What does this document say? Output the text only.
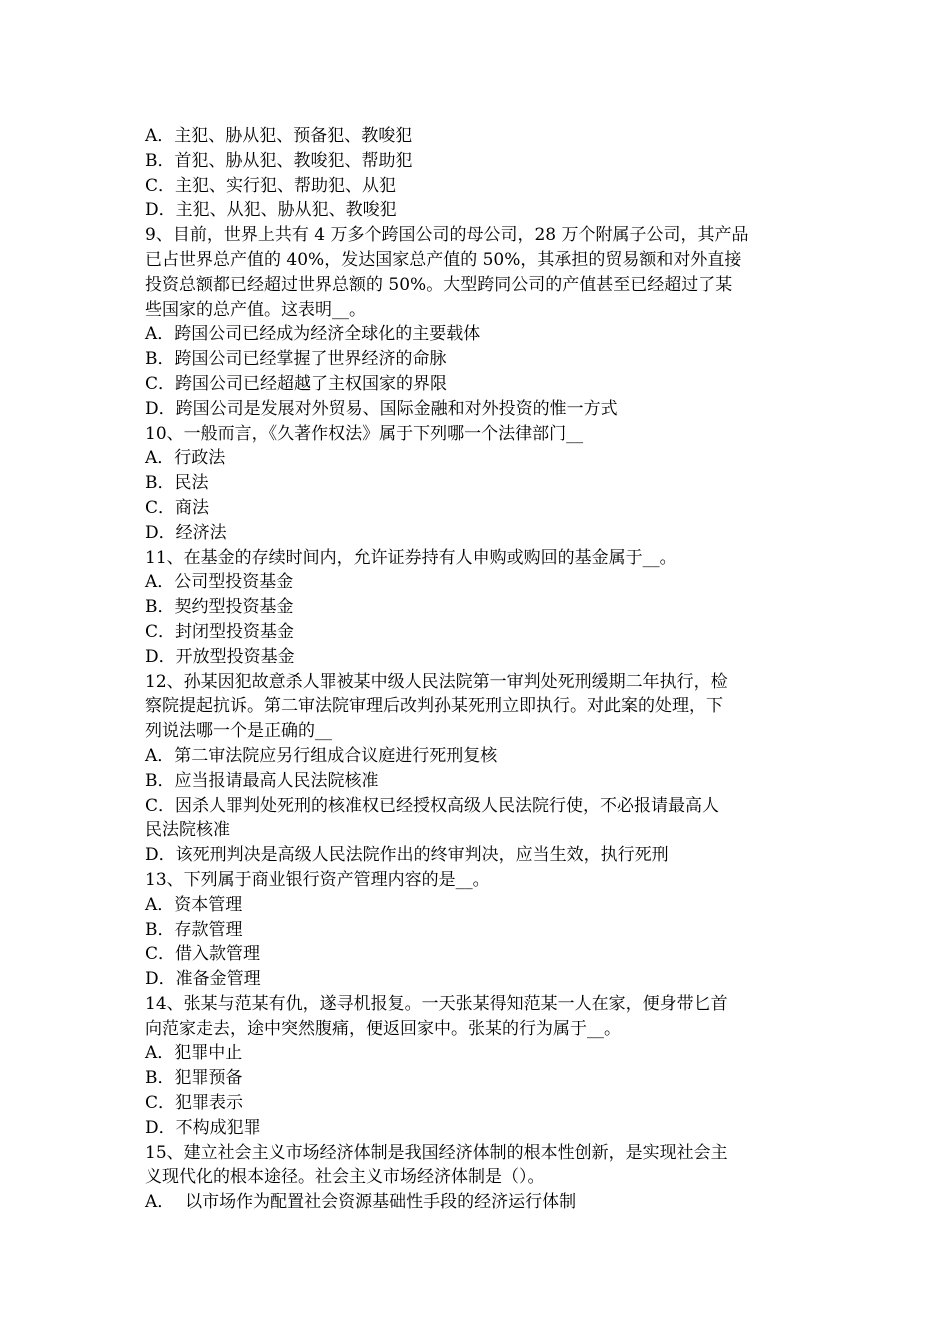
A．主犯、胁从犯、预备犯、教唆犯
B．首犯、胁从犯、教唆犯、帮助犯
C．主犯、实行犯、帮助犯、从犯
D．主犯、从犯、胁从犯、教唆犯
9、目前，世界上共有 4 万多个跨国公司的母公司，28 万个附属子公司，其产品
已占世界总产值的 40%，发达国家总产值的 50%，其承担的贸易额和对外直接
投资总额都已经超过世界总额的 50%。大型跨同公司的产值甚至已经超过了某
些国家的总产值。这表明__。
A．跨国公司已经成为经济全球化的主要载体
B．跨国公司已经掌握了世界经济的命脉
C．跨国公司已经超越了主权国家的界限
D．跨国公司是发展对外贸易、国际金融和对外投资的惟一方式
10、一般而言，《久著作权法》属于下列哪一个法律部门__
A．行政法
B．民法
C．商法
D．经济法
11、在基金的存续时间内，允许证券持有人申购或购回的基金属于__。
A．公司型投资基金
B．契约型投资基金
C．封闭型投资基金
D．开放型投资基金
12、孙某因犯故意杀人罪被某中级人民法院第一审判处死刑缓期二年执行，检
察院提起抗诉。第二审法院审理后改判孙某死刑立即执行。对此案的处理，下
列说法哪一个是正确的__
A．第二审法院应另行组成合议庭进行死刑复核
B．应当报请最高人民法院核准
C．因杀人罪判处死刑的核准权已经授权高级人民法院行使，不必报请最高人
民法院核准
D．该死刑判决是高级人民法院作出的终审判决，应当生效，执行死刑
13、下列属于商业银行资产管理内容的是__。
A．资本管理
B．存款管理
C．借入款管理
D．准备金管理
14、张某与范某有仇，遂寻机报复。一天张某得知范某一人在家，便身带匕首
向范家走去，途中突然腹痛，便返回家中。张某的行为属于__。
A．犯罪中止
B．犯罪预备
C．犯罪表示
D．不构成犯罪
15、建立社会主义市场经济体制是我国经济体制的根本性创新，是实现社会主
义现代化的根本途径。社会主义市场经济体制是（）。
A．  以市场作为配置社会资源基础性手段的经济运行体制
